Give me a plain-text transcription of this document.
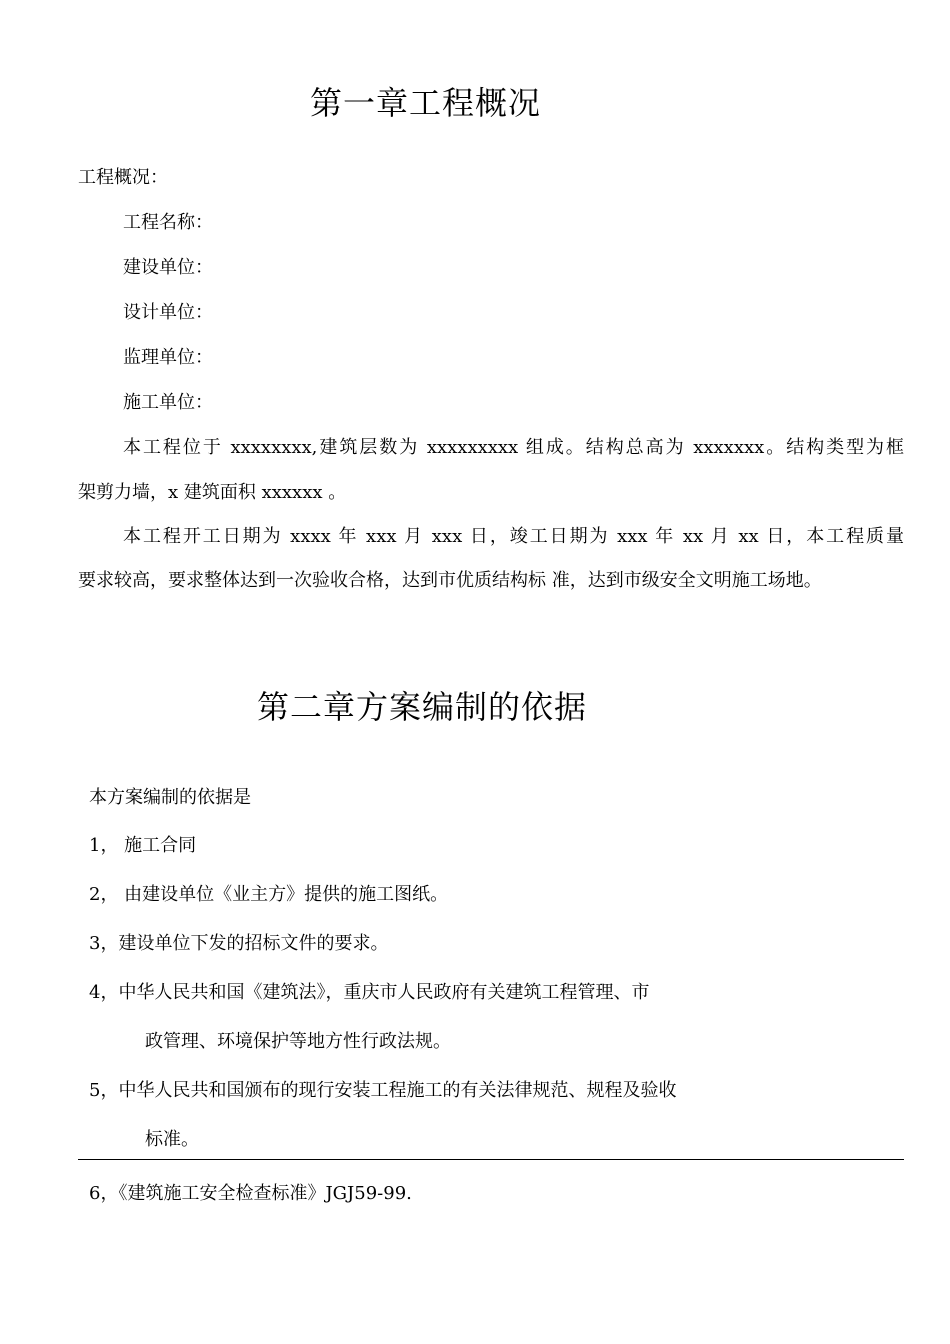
第一章工程概况
工程概况：
工程名称：
建设单位：
设计单位：
监理单位：
施工单位：
本工程位于 xxxxxxxx,建筑层数为 xxxxxxxxx 组成。结构总高为 xxxxxxx。结构类型为框
架剪力墙，x 建筑面积 xxxxxx 。
本工程开工日期为 xxxx 年 xxx 月 xxx 日，竣工日期为 xxx 年 xx 月 xx 日，本工程质量
要求较高，要求整体达到一次验收合格，达到市优质结构标 准，达到市级安全文明施工场地。
第二章方案编制的依据
本方案编制的依据是
1， 施工合同
2， 由建设单位《业主方》提供的施工图纸。
3，建设单位下发的招标文件的要求。
4，中华人民共和国《建筑法》，重庆市人民政府有关建筑工程管理、市
政管理、环境保护等地方性行政法规。
5，中华人民共和国颁布的现行安装工程施工的有关法律规范、规程及验收
标准。
6，《建筑施工安全检查标准》JGJ59-99.
